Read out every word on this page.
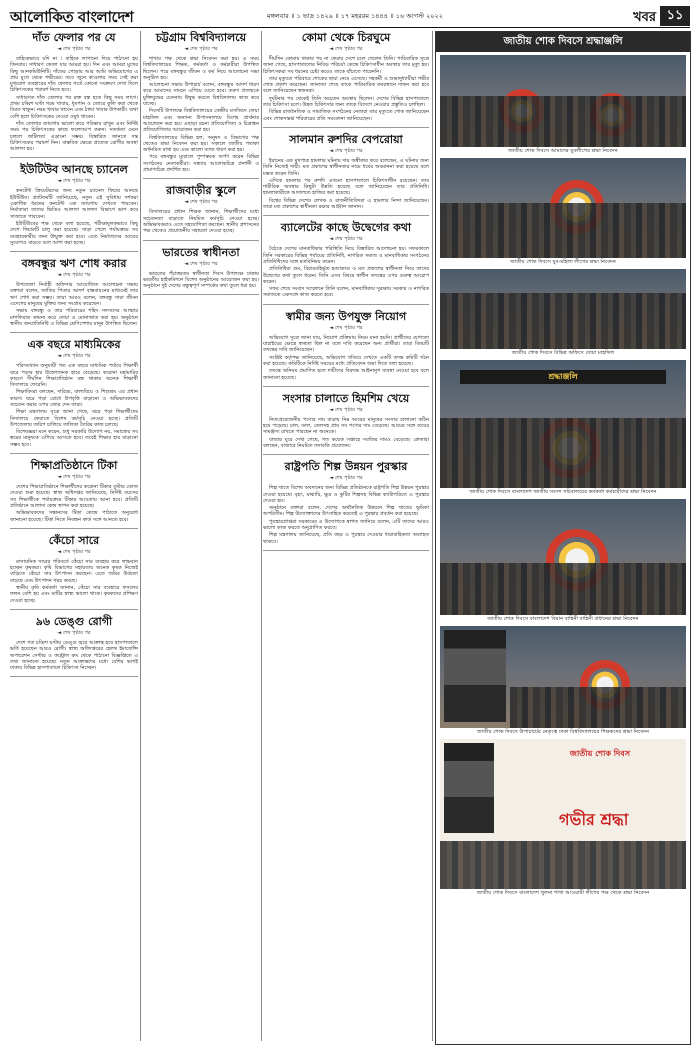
আলোকিত বাংলাদেশ	মঙ্গলবার ॥ ১ ভাদ্র ১৪২৯ ॥ ১৭ মহররম ১৪৪৪ ॥ ১৬ আগস্ট ২০২২	খবর ১১
দাঁত ফেলার পর যে
◄ শেষ পৃষ্ঠার পর

বাহ্যিকভাবে যদি না । বাহ্যিক লাগানো দিয়ে পাঠানো হয় তিনবার। সাধারণ কেবল যার আমরা হয়। দিন এবং আমরা মুখের কিছু আনকমিউনিটি। দাঁতের গোড়ায় আর আমি অভিযোগের এ প্রায় মুখে থেকে গভীরের। তবে জুনে কাওলার সময় সেই করা মুখরোগ ব্যবহারের দাঁত ফেলার গর্তে কোনো সংক্রমণ দেখা দিলে চিকিৎসকের পরামর্শ নিতে হবে।

সাধারণত দাঁত তোলার পর রক্ত বন্ধ হতে কিছু সময় লাগে। প্রথম চব্বিশ ঘণ্টা গরম খাবার, ধূমপান ও জোরে কুলি করা থেকে বিরত থাকুন। নরম খাবার খাবেন এবং ঠান্ডা খাবার উপকারী। ব্যথা বেশি হলে চিকিৎসকের দেওয়া ওষুধ খাবেন।

দাঁত তোলার জায়গায় ভালো করে পরিষ্কার রাখুন এবং নির্দিষ্ট সময় পর চিকিৎসকের কাছে ফলোআপ করুন। সতর্কতা মেনে চললে জটিলতা এড়ানো সম্ভব। বিস্তারিত জানতে দন্ত চিকিৎসকের পরামর্শ নিন। বাস্তবিক ক্ষেত্রে প্রত্যেক রোগীর অবস্থা আলাদা হয়।

ইউটিউব আনছে চ্যানেল
◄ শেষ পৃষ্ঠার পর

কনটেন্ট ক্রিয়েটরদের জন্য নতুন চ্যানেল ফিচার আনছে ইউটিউব। প্ল্যাটফর্মটি জানিয়েছে, নতুন এই সুবিধায় দর্শকরা একাধিক ধরনের কনটেন্ট এক জায়গায় দেখতে পারবেন। নির্মাতারা তাদের ভিডিও আলাদা আলাদা বিভাগে ভাগ করে সাজাতে পারবেন।

ইউটিউবের পক্ষ থেকে বলা হয়েছে, পরীক্ষামূলকভাবে কিছু দেশে ফিচারটি চালু করা হয়েছে। সাড়া পেলে পর্যায়ক্রমে সব ব্যবহারকারীর জন্য উন্মুক্ত করা হবে। এতে নির্মাতাদের আয়ের সুযোগও বাড়বে বলে আশা করা হচ্ছে।

বঙ্গবন্ধুর ঋণ শোধ করার
◄ শেষ পৃষ্ঠার পর

উপজেলা নির্বাহী অফিসার আয়োজিত আলোচনা সভায় বক্তারা বলেন, জাতির পিতার আদর্শ বাস্তবায়নের মাধ্যমেই তার ঋণ শোধ করা সম্ভব। তারা আরও বলেন, বঙ্গবন্ধু সারা জীবন এদেশের মানুষের মুক্তির জন্য সংগ্রাম করেছেন।

সভায় বঙ্গবন্ধু ও তার পরিবারের শহিদ সদস্যদের আত্মার মাগফিরাত কামনা করে দোয়া ও মোনাজাত করা হয়। অনুষ্ঠানে স্থানীয় জনপ্রতিনিধি ও বিভিন্ন শ্রেণিপেশার মানুষ উপস্থিত ছিলেন।

এক বছরে মাধ্যমিকের
◄ শেষ পৃষ্ঠার পর

পরিসংখ্যান অনুযায়ী গত এক বছরে মাধ্যমিক পর্যায়ে শিক্ষার্থী ঝরে পড়ার হার উদ্বেগজনক হারে বেড়েছে। করোনা মহামারির কারণে দীর্ঘদিন শিক্ষাপ্রতিষ্ঠান বন্ধ থাকায় অনেক শিক্ষার্থী বিদ্যালয়ে ফেরেনি।

শিক্ষাবিদরা বলছেন, দারিদ্র্য, বাল্যবিয়ে ও শিশুশ্রম এর প্রধান কারণ। ঝরে পড়া রোধে উপবৃত্তি বাড়ানো ও অভিভাবকদের সচেতন করার ওপর জোর দেন তারা।

শিক্ষা মন্ত্রণালয় সূত্রে জানা গেছে, ঝরে পড়া শিক্ষার্থীদের বিদ্যালয়ে ফেরাতে বিশেষ কর্মসূচি নেওয়া হচ্ছে। প্রতিটি উপজেলায় জরিপ চালিয়ে তালিকা তৈরির কাজ চলছে।

বিশেষজ্ঞরা মনে করেন, শুধু সরকারি উদ্যোগ নয়, সমাজের সব স্তরের মানুষকে এগিয়ে আসতে হবে। তবেই শিক্ষার হার বাড়ানো সম্ভব হবে।

শিক্ষাপ্রতিষ্ঠানে টিকা
◄ শেষ পৃষ্ঠার পর

দেশের শিক্ষাপ্রতিষ্ঠানে শিক্ষার্থীদের করোনা টিকার বুস্টার ডোজ দেওয়া শুরু হয়েছে। স্বাস্থ্য অধিদপ্তর জানিয়েছে, নির্দিষ্ট বয়সের সব শিক্ষার্থীকে পর্যায়ক্রমে টিকার আওতায় আনা হবে। প্রতিটি প্রতিষ্ঠানে আলাদা কেন্দ্র স্থাপন করা হয়েছে।

অভিভাবকদের সন্তানদের টিকা কেন্দ্রে পাঠাতে অনুরোধ জানানো হয়েছে। টিকা নিতে নিবন্ধন কার্ড সঙ্গে আনতে হবে।

কেঁচো সারে
◄ শেষ পৃষ্ঠার পর

রাসায়নিক সারের পরিবর্তে কেঁচো সার ব্যবহার করে লাভবান হচ্ছেন কৃষকরা। কৃষি বিভাগের সহায়তায় অনেক কৃষক নিজেই বাড়িতে কেঁচো সার উৎপাদন করছেন। এতে জমির উর্বরতা বাড়ছে এবং উৎপাদন খরচ কমছে।

স্থানীয় কৃষি কর্মকর্তা জানান, কেঁচো সার ব্যবহারে ফসলের ফলন বেশি হয় এবং মাটির স্বাস্থ্য ভালো থাকে। কৃষকদের প্রশিক্ষণ দেওয়া হচ্ছে।

৯৬ ডেঙ্গু রোগী
◄ শেষ পৃষ্ঠার পর

দেশে গত চব্বিশ ঘণ্টায় ডেঙ্গু জ্বরে আক্রান্ত হয়ে হাসপাতালে ভর্তি হয়েছেন আরও রোগী। স্বাস্থ্য অধিদপ্তরের হেলথ ইমার্জেন্সি অপারেশন সেন্টার ও কন্ট্রোল রুম থেকে পাঠানো বিজ্ঞপ্তিতে এ তথ্য জানানো হয়েছে। নতুন আক্রান্তদের মধ্যে বেশির ভাগই ঢাকার বিভিন্ন হাসপাতালে চিকিৎসা নিচ্ছেন।

চট্টগ্রাম বিশ্ববিদ্যালয়ে
◄ শেষ পৃষ্ঠার পর

শাখার পক্ষ থেকে শ্রদ্ধা নিবেদন করা হয়। এ সময় বিশ্ববিদ্যালয়ের শিক্ষক, কর্মকর্তা ও কর্মচারীরা উপস্থিত ছিলেন। পরে বঙ্গবন্ধুর জীবন ও কর্ম নিয়ে আলোচনা সভা অনুষ্ঠিত হয়।

আলোচনা সভায় উপাচার্য বলেন, বঙ্গবন্ধুর আদর্শ ধারণ করে আমাদের সামনে এগিয়ে যেতে হবে। তরুণ প্রজন্মকে মুক্তিযুদ্ধের চেতনায় উদ্বুদ্ধ করতে বিশ্ববিদ্যালয় কাজ করে যাচ্ছে।

দিবসটি উপলক্ষে বিশ্ববিদ্যালয়ের কেন্দ্রীয় মসজিদে দোয়া মাহফিল এবং অন্যান্য উপাসনালয়ে বিশেষ প্রার্থনার আয়োজন করা হয়। এছাড়া রচনা প্রতিযোগিতা ও চিত্রাঙ্কন প্রতিযোগিতার আয়োজন করা হয়।

বিশ্ববিদ্যালয়ের বিভিন্ন হল, অনুষদ ও বিভাগের পক্ষ থেকেও শ্রদ্ধা নিবেদন করা হয়। সকালে জাতীয় পতাকা অর্ধনমিত রাখা হয় এবং কালো ব্যাজ ধারণ করা হয়।

পরে বঙ্গবন্ধুর ম্যুরালে পুষ্পস্তবক অর্পণ করেন বিভিন্ন সংগঠনের নেতাকর্মীরা। সন্ধ্যায় আলোকচিত্র প্রদর্শনী ও প্রামাণ্যচিত্র প্রদর্শিত হয়।

রাজবাড়ীর স্কুলে
◄ শেষ পৃষ্ঠার পর

বিদ্যালয়ের প্রধান শিক্ষক জানান, শিক্ষার্থীদের মধ্যে সচেতনতা বাড়াতে নিয়মিত কর্মসূচি নেওয়া হচ্ছে। অভিভাবকরাও এতে সহযোগিতা করছেন। স্থানীয় প্রশাসনের পক্ষ থেকেও প্রয়োজনীয় সহায়তা দেওয়া হচ্ছে।

ভারতের স্বাধীনতা
◄ শেষ পৃষ্ঠার পর

ভারতের পঁচাত্তরতম স্বাধীনতা দিবস উপলক্ষে ঢাকায় ভারতীয় হাইকমিশনে বিশেষ অনুষ্ঠানের আয়োজন করা হয়। অনুষ্ঠানে দুই দেশের বন্ধুত্বপূর্ণ সম্পর্কের কথা তুলে ধরা হয়।

কোমা থেকে চিরঘুমে
◄ শেষ পৃষ্ঠার পর

দীর্ঘদিন কোমায় থাকার পর না ফেরার দেশে চলে গেলেন তিনি। পারিবারিক সূত্রে জানা গেছে, হাসপাতালের নিবিড় পরিচর্যা কেন্দ্রে চিকিৎসাধীন অবস্থায় তার মৃত্যু হয়। চিকিৎসকরা সব ধরনের চেষ্টা করেও তাকে বাঁচাতে পারেননি।

তার মৃত্যুতে পরিবারে শোকের ছায়া নেমে এসেছে। সহকর্মী ও শুভানুধ্যায়ীরা গভীর শোক প্রকাশ করেছেন। জানাজা শেষে তাকে পারিবারিক কবরস্থানে দাফন করা হবে বলে জানিয়েছেন স্বজনরা।

দুর্ঘটনার পর থেকেই তিনি অচেতন অবস্থায় ছিলেন। দেশের বিভিন্ন হাসপাতালে তার চিকিৎসা চলে। উন্নত চিকিৎসার জন্য তাকে বিদেশে নেওয়ার প্রস্তুতিও চলছিল।

বিভিন্ন রাজনৈতিক ও সামাজিক সংগঠনের নেতারা তার মৃত্যুতে শোক জানিয়েছেন এবং শোকসন্তপ্ত পরিবারের প্রতি সমবেদনা জানিয়েছেন।

সালমান রুশদির বেপরোয়া
◄ শেষ পৃষ্ঠার পর

ইরানের এক মুখপাত্র হামলার ঘটনায় দায় অস্বীকার করে বলেছেন, এ ঘটনার জন্য তিনি নিজেই দায়ী। মত প্রকাশের স্বাধীনতার নামে ধর্মের অবমাননা করা হয়েছে বলে মন্তব্য করেন তিনি।

এদিকে হামলার পর রুশদি এখনো হাসপাতালে চিকিৎসাধীন রয়েছেন। তার শারীরিক অবস্থার কিছুটা উন্নতি হয়েছে বলে জানিয়েছেন তার প্রতিনিধি। হামলাকারীকে আদালতে হাজির করা হয়েছে।

বিশ্বের বিভিন্ন দেশের লেখক ও রাজনীতিবিদরা এ হামলার নিন্দা জানিয়েছেন। তারা মত প্রকাশের স্বাধীনতা রক্ষার আহ্বান জানান।

ব্যালেটের কাছে উদ্বেগের কথা
◄ শেষ পৃষ্ঠার পর

বৈঠকে দেশের মানবাধিকার পরিস্থিতি নিয়ে বিস্তারিত আলোচনা হয়। সফরকালে তিনি সরকারের বিভিন্ন পর্যায়ের প্রতিনিধি, নাগরিক সমাজ ও মানবাধিকার সংগঠনের প্রতিনিধিদের সঙ্গে মতবিনিময় করেন।

প্রতিনিধিরা গুম, বিচারবহির্ভূত হত্যাকাণ্ড ও মত প্রকাশের স্বাধীনতা নিয়ে তাদের উদ্বেগের কথা তুলে ধরেন। তিনি এসব বিষয়ে স্বাধীন তদন্তের ওপর গুরুত্ব আরোপ করেন।

সফর শেষে সংবাদ সম্মেলনে তিনি বলেন, মানবাধিকার সুরক্ষায় সরকার ও নাগরিক সমাজকে একসঙ্গে কাজ করতে হবে।

স্বামীর জন্য উপযুক্ত নিয়োগ
◄ শেষ পৃষ্ঠার পর

অভিযোগ সূত্রে জানা যায়, নিয়োগ প্রক্রিয়ায় নিয়ম মানা হয়নি। প্রার্থীদের যোগ্যতা যাচাইয়ের ক্ষেত্রে স্বচ্ছতা ছিল না বলে দাবি করেছেন অন্য প্রার্থীরা। তারা বিষয়টি তদন্তের দাবি জানিয়েছেন।

সংশ্লিষ্ট কর্তৃপক্ষ জানিয়েছে, অভিযোগ খতিয়ে দেখতে একটি তদন্ত কমিটি গঠন করা হয়েছে। কমিটিকে নির্দিষ্ট সময়ের মধ্যে প্রতিবেদন জমা দিতে বলা হয়েছে।

তদন্তে অনিয়ম প্রমাণিত হলে দায়ীদের বিরুদ্ধে আইনানুগ ব্যবস্থা নেওয়া হবে বলে জানানো হয়েছে।

সংসার চালাতে হিমশিম খেয়ে
◄ শেষ পৃষ্ঠার পর

নিত্যপ্রয়োজনীয় পণ্যের দাম বাড়ায় নিম্ন আয়ের মানুষের সংসার চালানো কঠিন হয়ে পড়েছে। চাল, ডাল, তেলসহ প্রায় সব পণ্যের দাম বেড়েছে। আয়ের সঙ্গে ব্যয়ের সামঞ্জস্য রাখতে পারছেন না অনেকে।

বাজার ঘুরে দেখা গেছে, গত কয়েক সপ্তাহে সবজির দামও বেড়েছে। ক্রেতারা বলছেন, বাজারে নিয়মিত তদারকি প্রয়োজন।

রাষ্ট্রপতি শিল্প উন্নয়ন পুরস্কার
◄ শেষ পৃষ্ঠার পর

শিল্প খাতে বিশেষ অবদানের জন্য বিভিন্ন প্রতিষ্ঠানকে রাষ্ট্রপতি শিল্প উন্নয়ন পুরস্কার দেওয়া হয়েছে। বৃহৎ, মাঝারি, ক্ষুদ্র ও কুটির শিল্পসহ বিভিন্ন ক্যাটাগরিতে এ পুরস্কার দেওয়া হয়।

অনুষ্ঠানে বক্তারা বলেন, দেশের অর্থনৈতিক উন্নয়নে শিল্প খাতের ভূমিকা অপরিসীম। শিল্প উদ্যোক্তাদের উৎসাহিত করতেই এ পুরস্কার প্রবর্তন করা হয়েছে।

পুরস্কারপ্রাপ্তরা সরকারের এ উদ্যোগকে স্বাগত জানিয়ে বলেন, এটি তাদের আরও ভালো কাজ করতে অনুপ্রাণিত করবে।

শিল্প মন্ত্রণালয় জানিয়েছে, প্রতি বছর এ পুরস্কার দেওয়ার ধারাবাহিকতা অব্যাহত থাকবে।

জাতীয় শোক দিবসে শ্রদ্ধাঞ্জলি
জাতীয় শোক দিবসে আমাদের যুবলীগের শ্রদ্ধা নিবেদন
জাতীয় শোক দিবসে যুব-মহিলা লীগের শ্রদ্ধা নিবেদন
জাতীয় শোক দিবসে বিভিন্ন অফিসে দোয়া মাহফিল
শ্রদ্ধাঞ্জলি
জাতীয় শোক দিবসে বাংলাদেশ জাতীয় সংসদ সচিবালয়ের কর্মকর্তা কর্মচারীদের শ্রদ্ধা নিবেদন
জাতীয় শোক দিবসে বাংলাদেশ বিমান বাহিনী বাহিনী প্রধানের শ্রদ্ধা নিবেদন
জাতীয় শোক দিবসে উপাচার্যের নেতৃত্বে ঢাকা বিশ্ববিদ্যালয়ের শিক্ষকদের শ্রদ্ধা নিবেদন
জাতীয় শোক দিবস
গভীর শ্রদ্ধা
জাতীয় শোক দিবসে বাংলাদেশ খুলনা শাখা আওয়ামী লীগের পক্ষ থেকে শ্রদ্ধা নিবেদন
